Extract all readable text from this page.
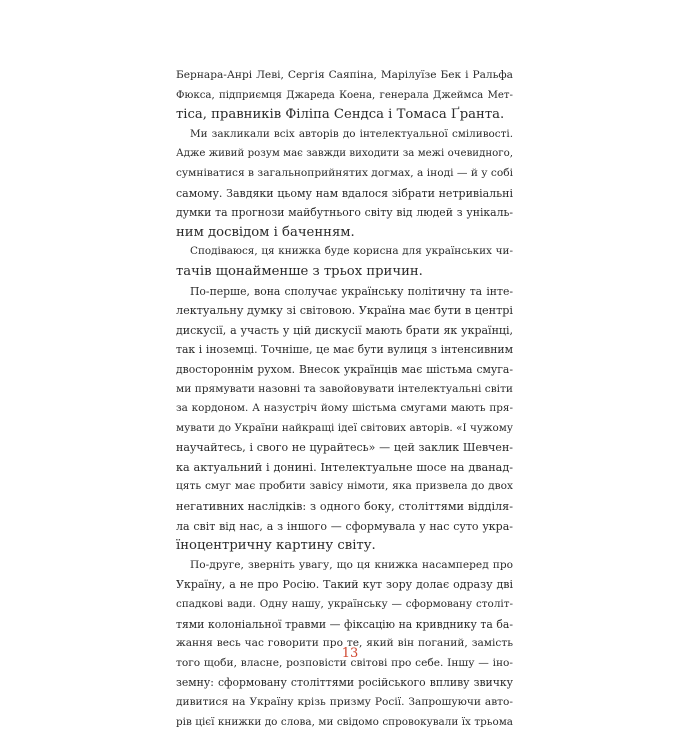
Бернара-Анрі Леві, Сергія Саяпіна, Марілуїзе Бек і Ральфа
Фюкса, підприємця Джареда Коена, генерала Джеймса Мет-
тіса, правників Філіпа Сендса і Томаса Ґранта.
Ми закликали всіх авторів до інтелектуальної сміливості.
Адже живий розум має завжди виходити за межі очевидного,
сумніватися в загальноприйнятих догмах, а іноді — й у собі
самому. Завдяки цьому нам вдалося зібрати нетривіальні
думки та прогнози майбутнього світу від людей з унікаль-
ним досвідом і баченням.
Сподіваюся, ця книжка буде корисна для українських чи-
тачів щонайменше з трьох причин.
По-перше, вона сполучає українську політичну та інте-
лектуальну думку зі світовою. Україна має бути в центрі
дискусії, а участь у цій дискусії мають брати як українці,
так і іноземці. Точніше, це має бути вулиця з інтенсивним
двостороннім рухом. Внесок українців має шістьма смуга-
ми прямувати назовні та завойовувати інтелектуальні світи
за кордоном. А назустріч йому шістьма смугами мають пря-
мувати до України найкращі ідеї світових авторів. «І чужому
научайтесь, і свого не цурайтесь» — цей заклик Шевчен-
ка актуальний і донині. Інтелектуальне шосе на дванад-
цять смуг має пробити завісу німоти, яка призвела до двох
негативних наслідків: з одного боку, століттями відділя-
ла світ від нас, а з іншого — сформувала у нас суто укра-
їноцентричну картину світу.
По-друге, зверніть увагу, що ця книжка насамперед про
Україну, а не про Росію. Такий кут зору долає одразу дві
спадкові вади. Одну нашу, українську — сформовану століт-
тями колоніальної травми — фіксацію на кривднику та ба-
жання весь час говорити про те, який він поганий, замість
того щоби, власне, розповісти світові про себе. Іншу — іно-
земну: сформовану століттями російського впливу звичку
дивитися на Україну крізь призму Росії. Запрошуючи авто-
рів цієї книжки до слова, ми свідомо спровокували їх трьома
13
